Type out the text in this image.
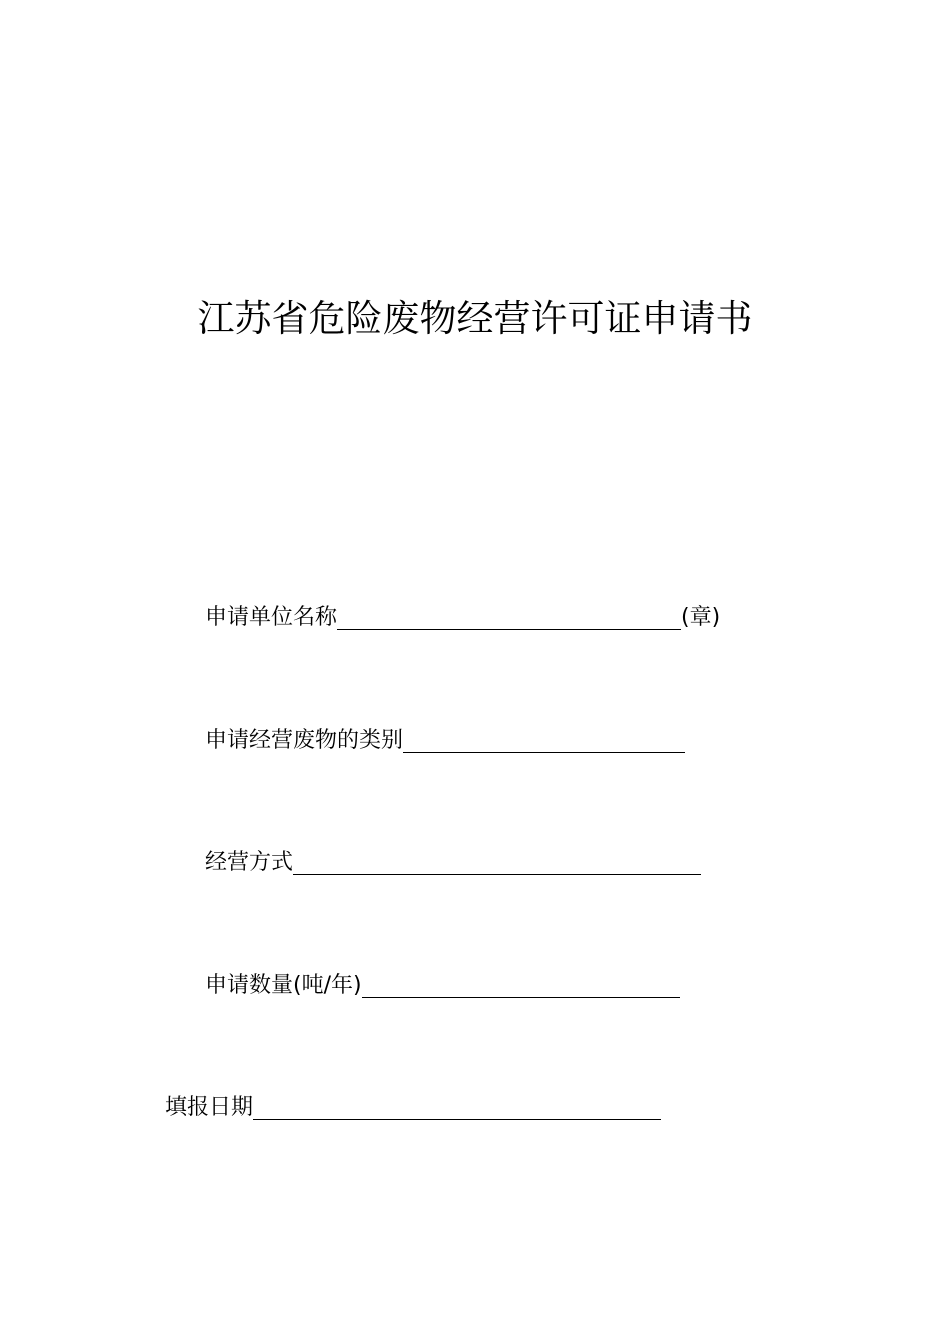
江苏省危险废物经营许可证申请书
申请单位名称	(章)
申请经营废物的类别
经营方式
申请数量(吨/年)
填报日期
